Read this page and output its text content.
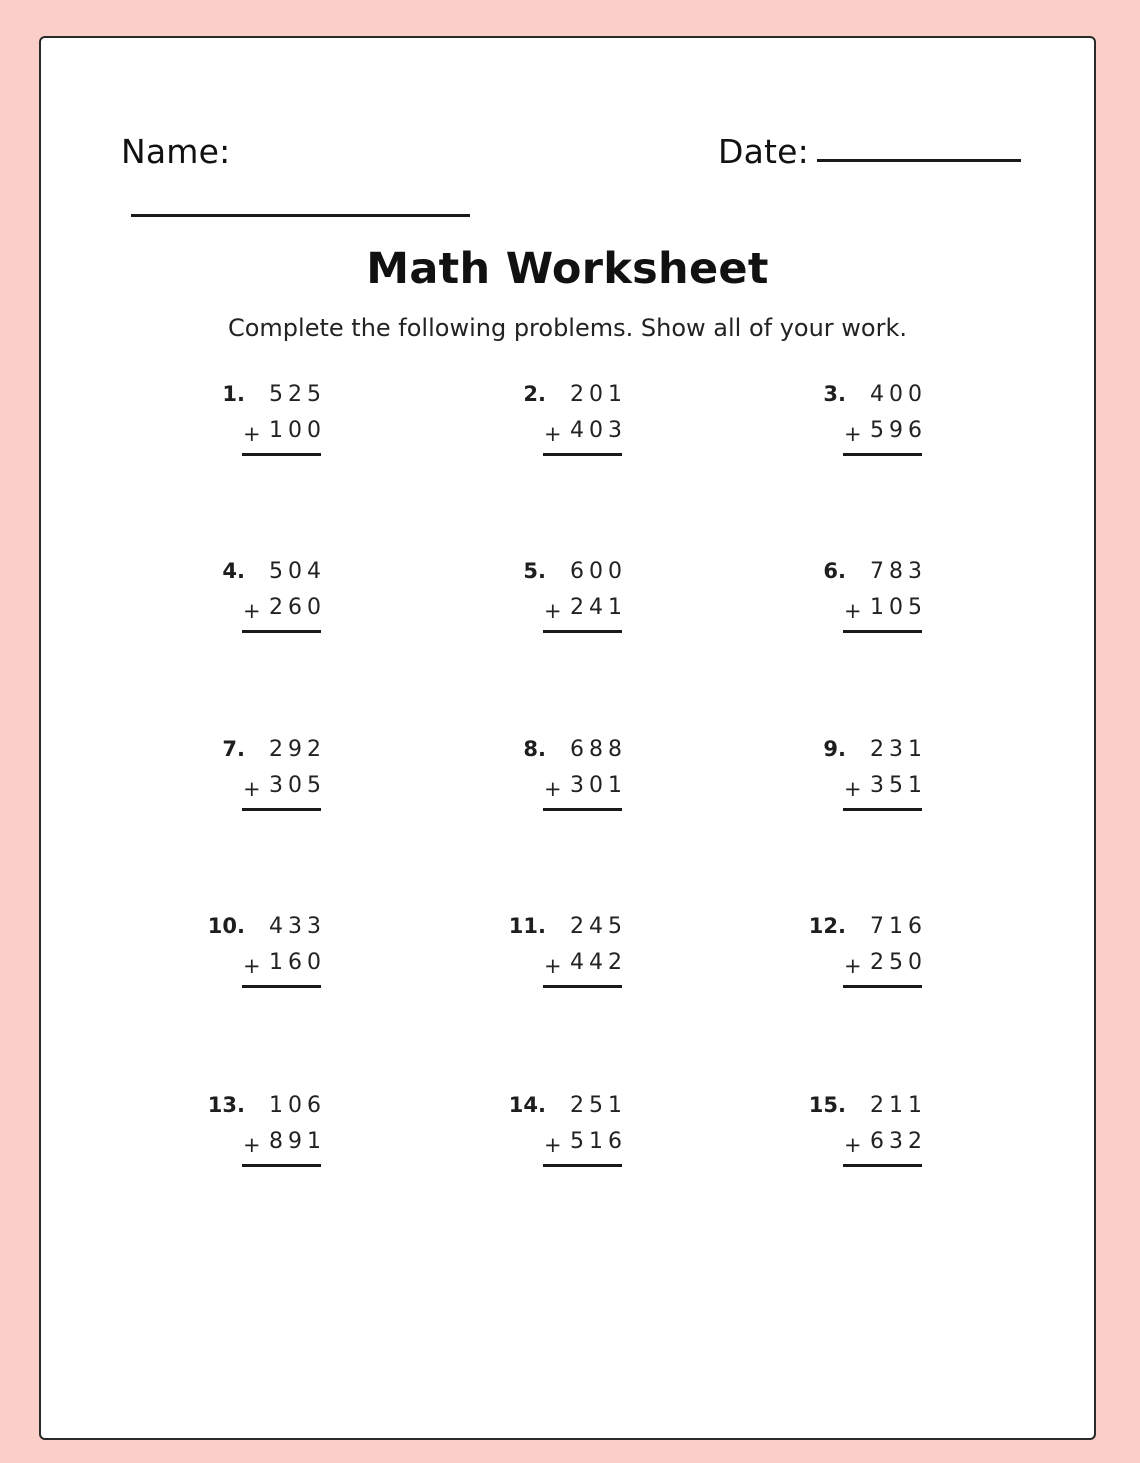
Name:	Date:
Math Worksheet
Complete the following problems. Show all of your work.
1. 525
+ 100
2. 201
+ 403
3. 400
+ 596
4. 504
+ 260
5. 600
+ 241
6. 783
+ 105
7. 292
+ 305
8. 688
+ 301
9. 231
+ 351
10. 433
+ 160
11. 245
+ 442
12. 716
+ 250
13. 106
+ 891
14. 251
+ 516
15. 211
+ 632
